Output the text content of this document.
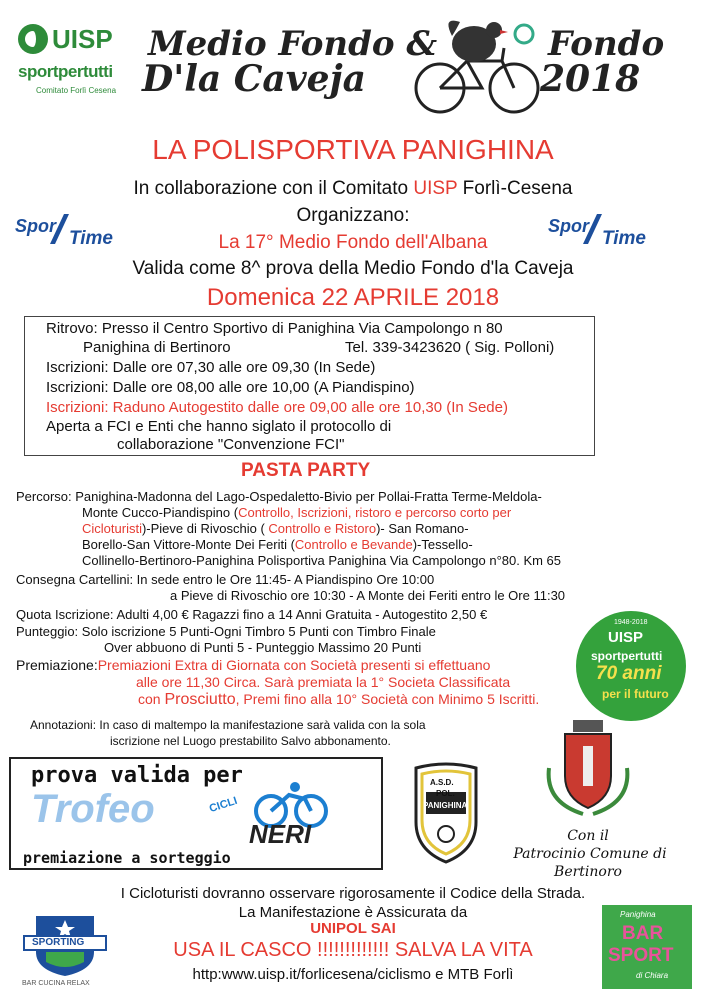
UISP
sportpertutti
Comitato Forlì Cesena
Medio Fondo &
D'la Caveja
Fondo
2018
LA POLISPORTIVA PANIGHINA
In collaborazione con il Comitato UISP Forlì-Cesena
Organizzano:
Spor
Time
Spor
Time
La 17° Medio Fondo dell'Albana
Valida come 8^ prova della Medio Fondo d'la Caveja
Domenica 22 APRILE 2018
Ritrovo: Presso il Centro Sportivo di Panighina Via Campolongo n 80
Panighina di Bertinoro	Tel. 339-3423620 ( Sig. Polloni)
Iscrizioni: Dalle ore 07,30 alle ore 09,30 (In Sede)
Iscrizioni: Dalle ore 08,00 alle ore 10,00 (A Piandispino)
Iscrizioni: Raduno Autogestito dalle ore 09,00 alle ore 10,30 (In Sede)
Aperta a FCI e Enti che hanno siglato il protocollo di
collaborazione "Convenzione FCI"
PASTA PARTY
Percorso: Panighina-Madonna del Lago-Ospedaletto-Bivio per Pollai-Fratta Terme-Meldola-
Monte Cucco-Piandispino (Controllo, Iscrizioni, ristoro e percorso corto per
Cicloturisti)-Pieve di Rivoschio ( Controllo e Ristoro)- San Romano-
Borello-San Vittore-Monte Dei Feriti (Controllo e Bevande)-Tessello-
Collinello-Bertinoro-Panighina Polisportiva Panighina Via Campolongo n°80. Km 65
Consegna Cartellini: In sede entro le Ore 11:45- A Piandispino Ore 10:00
a Pieve di Rivoschio ore 10:30 - A Monte dei Feriti entro le Ore 11:30
Quota Iscrizione: Adulti 4,00 € Ragazzi fino a 14 Anni Gratuita - Autogestito 2,50 €
Punteggio: Solo iscrizione 5 Punti-Ogni Timbro 5 Punti con Timbro Finale
Over abbuono di Punti 5 - Punteggio Massimo 20 Punti
Premiazione:Premiazioni Extra di Giornata con Società presenti si effettuano
alle ore 11,30 Circa. Sarà premiata la 1° Societa Classificata
con Prosciutto, Premi fino alla 10° Società con Minimo 5 Iscritti.
Annotazioni: In caso di maltempo la manifestazione sarà valida con la sola
iscrizione nel Luogo prestabilito Salvo abbonamento.
1948-2018
UISP
sportpertutti
70 anni
per il futuro
prova valida per
Trofeo	CICLI
NERI
premiazione a sorteggio
A.S.D.
POL.
PANIGHINA
Con il
Patrocinio Comune di
Bertinoro
I Cicloturisti dovranno osservare rigorosamente il Codice della Strada.
La Manifestazione è Assicurata da
UNIPOL SAI
USA IL CASCO !!!!!!!!!!!!! SALVA LA VITA
http:www.uisp.it/forlicesena/ciclismo e MTB Forlì
SPORTING
BAR CUCINA RELAX
Panighina
BAR
SPORT
di Chiara
